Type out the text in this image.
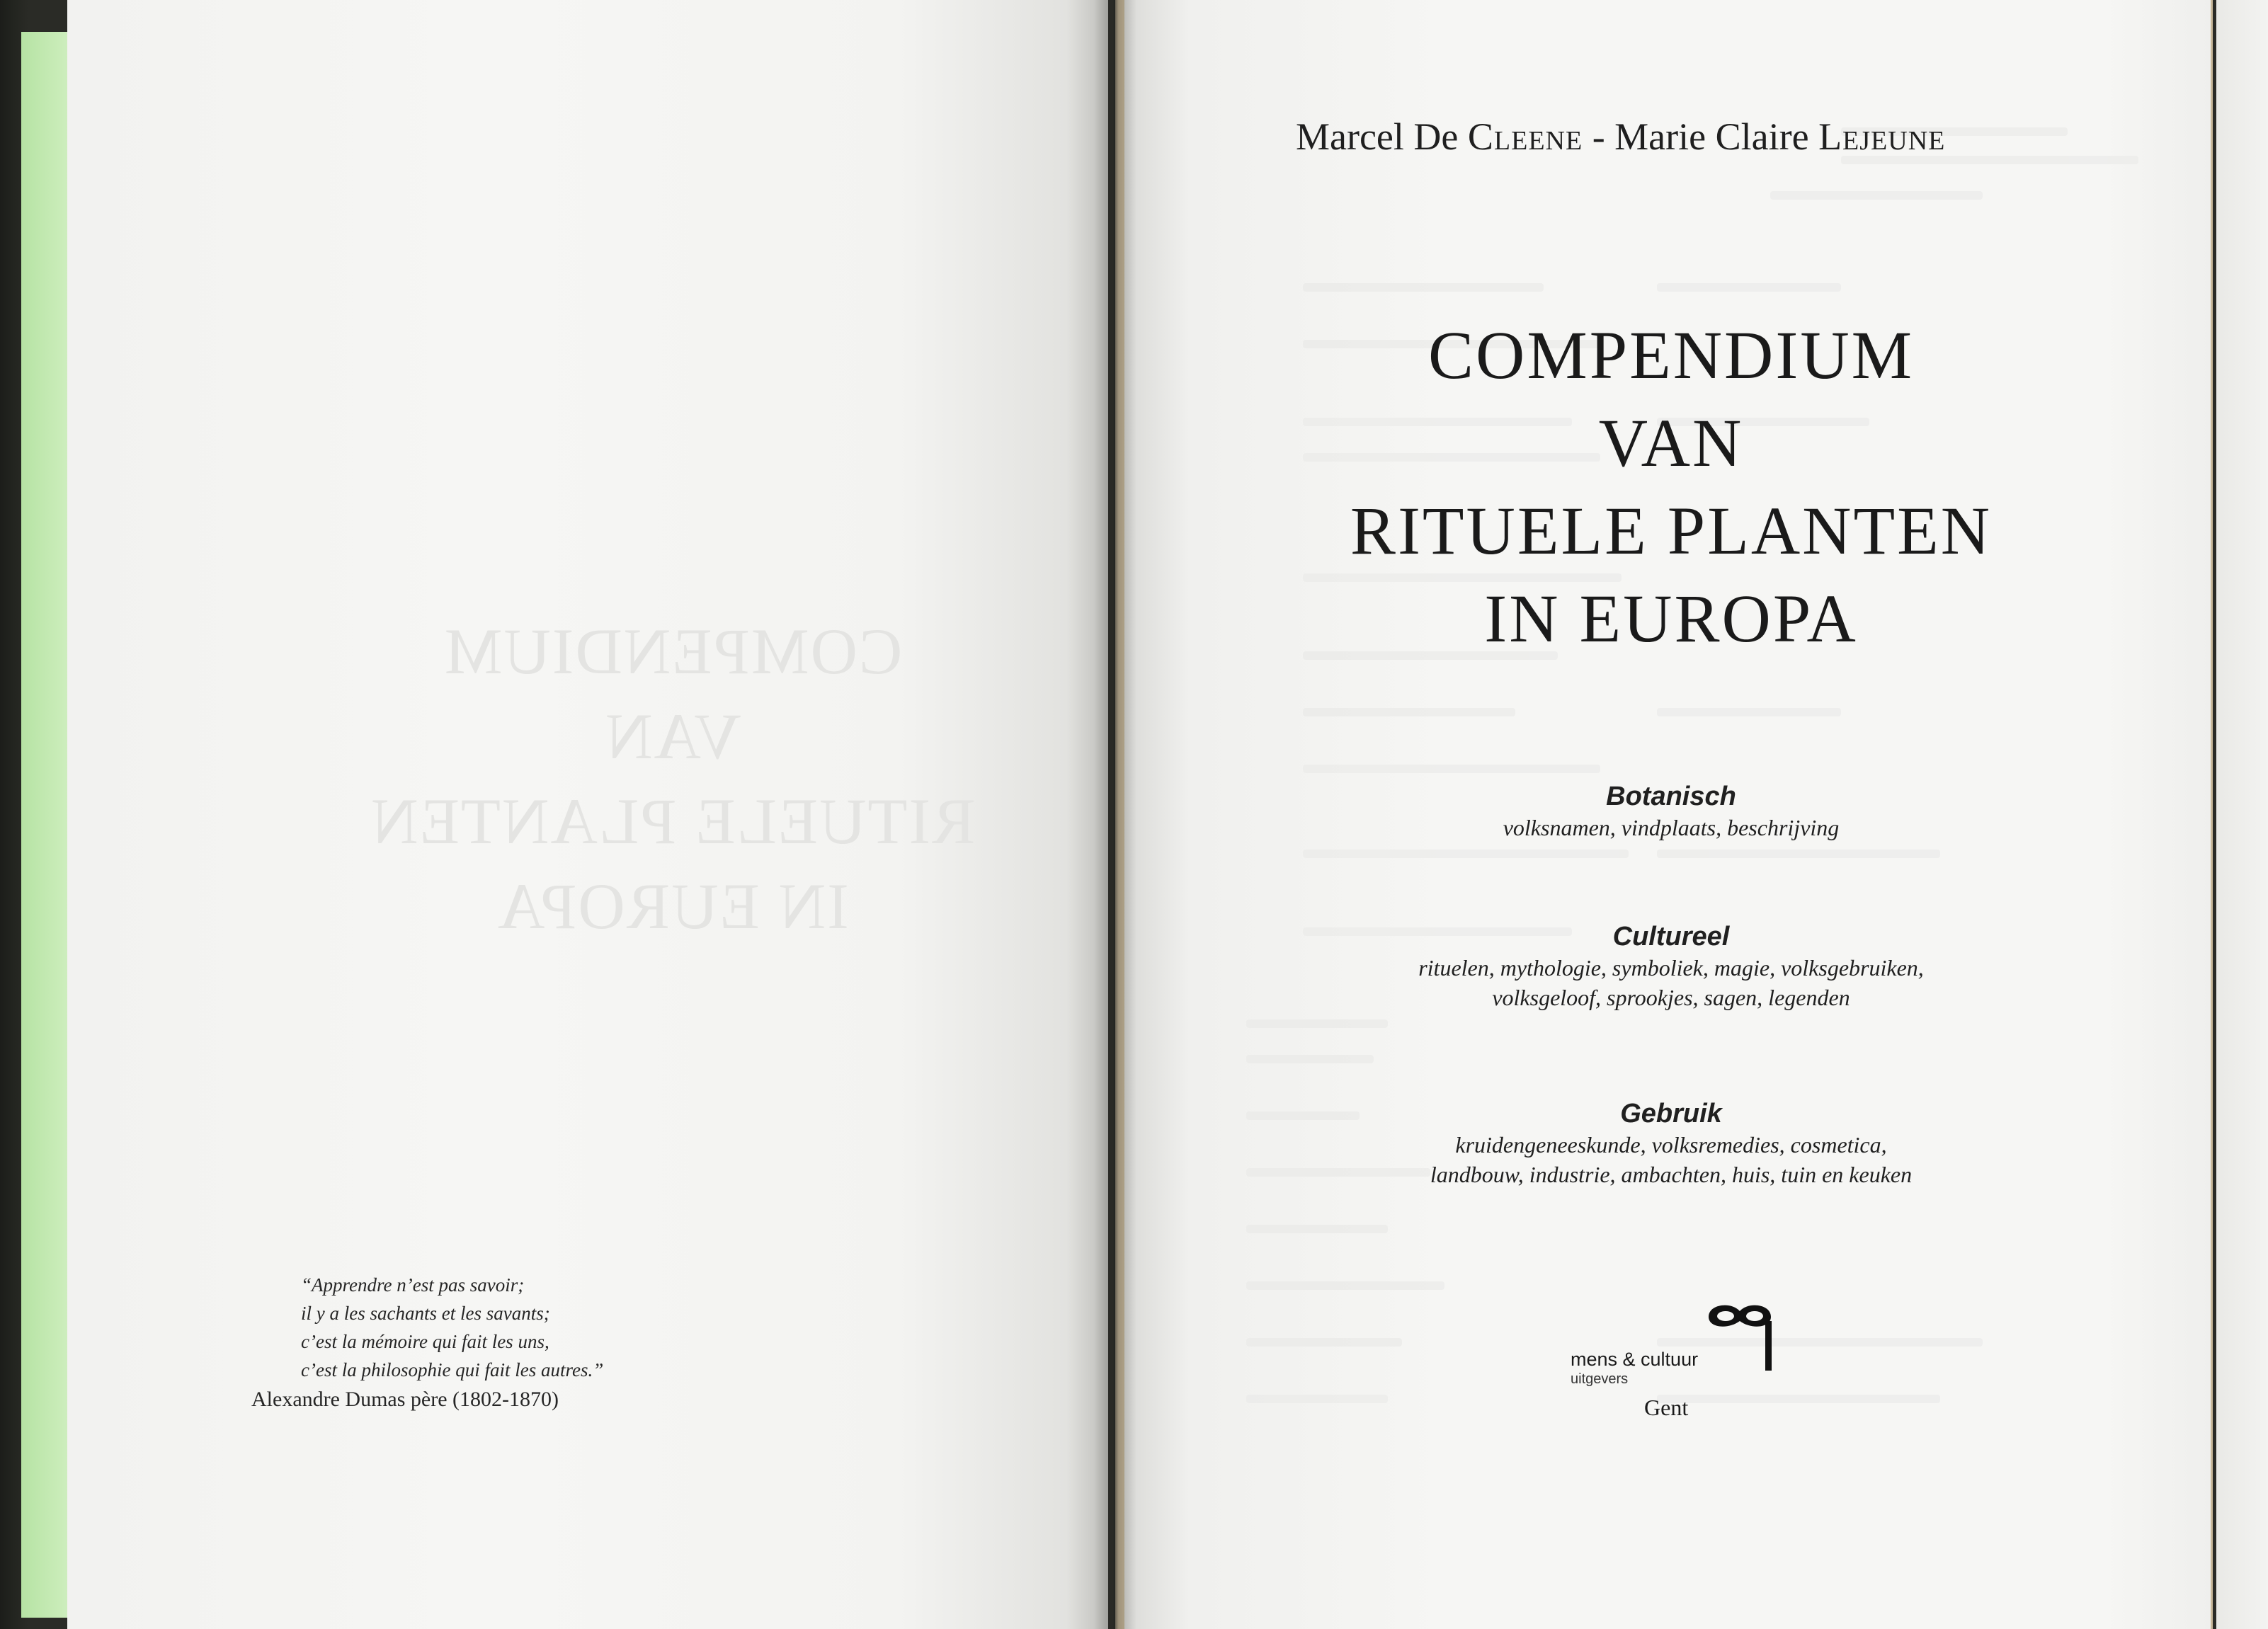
COMPENDIUM
VAN
RITUELE PLANTEN
IN EUROPA
“Apprendre n’est pas savoir;
il y a les sachants et les savants;
c’est la mémoire qui fait les uns,
c’est la philosophie qui fait les autres.”
Alexandre Dumas père (1802-1870)
Marcel De Cleene - Marie Claire Lejeune
COMPENDIUM
VAN
RITUELE PLANTEN
IN EUROPA
Botanisch
volksnamen, vindplaats, beschrijving
Cultureel
rituelen, mythologie, symboliek, magie, volksgebruiken,
volksgeloof, sprookjes, sagen, legenden
Gebruik
kruidengeneeskunde, volksremedies, cosmetica,
landbouw, industrie, ambachten, huis, tuin en keuken
mens & cultuur
uitgevers
Gent
